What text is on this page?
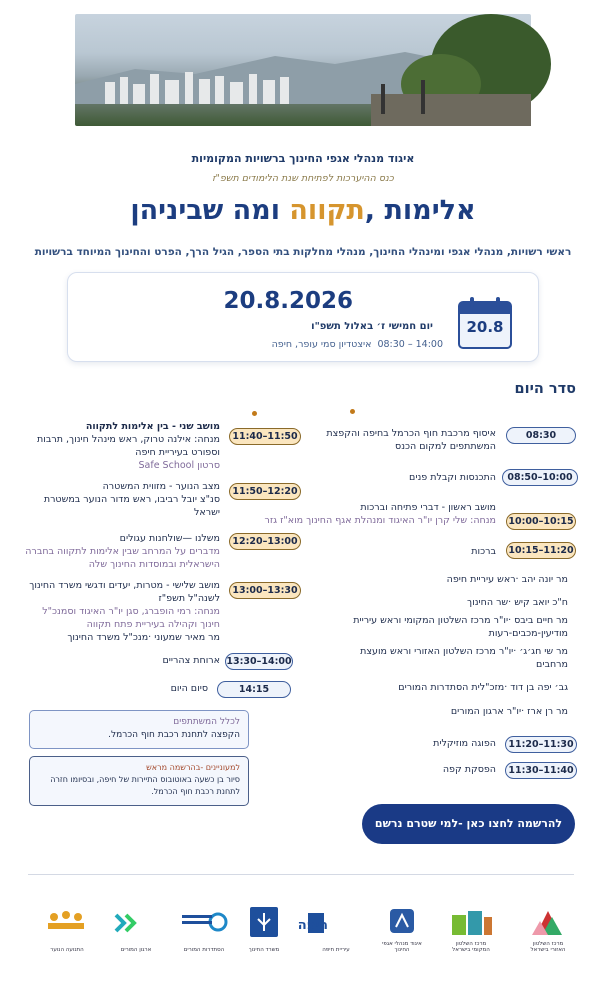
איגוד מנהלי אגפי החינוך ברשויות המקומיות
כנס ההיערכות לפתיחת שנת הלימודים תשפ"ז
אלימות ,תקווה ומה שביניהן
ראשי רשויות, מנהלי אגפי ומינהלי החינוך, מנהלי מחלקות בתי הספר, הגיל הרך, הפרט והחינוך המיוחד ברשויות
20.8
20.8.2026
יום חמישי ז׳ באלול תשפ"ו
08:30 – 14:00איצטדיון סמי עופר, חיפה
סדר היום
08:30
איסוף מרכבת חוף הכרמל בחיפה והקפצת המשתתפים למקום הכנס
08:50–10:00
התכנסות וקבלת פנים
מושב ראשון - דברי פתיחה וברכות
10:00–10:15
מנחה: שלי קרן יו"ר האיגוד ומנהלת אגף החינוך מוא"ז גזר
10:15–11:20
ברכות
מר יונה יהב ·ראש עיריית חיפה
ח"כ יואב קיש ·שר החינוך
מר חיים ביבס ·יו"ר מרכז השלטון המקומי וראש עיריית מודיעין-מכבים-רעות
מר שי חג׳ג׳ ·יו"ר מרכז השלטון האזורי וראש מועצת מרחבים
גב׳ יפה בן דוד ·מזכ"לית הסתדרות המורים
מר רן ארז ·יו"ר ארגון המורים
11:20–11:30
הפוגה מוזיקלית
11:30–11:40
הפסקת קפה
11:40–11:50
מושב שני - בין אלימות לתקווה
מנחה: אילנה טרוק, ראש מינהל חינוך, תרבות וספורט בעיריית חיפה
סרטון Safe School
11:50–12:20
מצב הנוער - מזווית המשטרה
סנ"צ יובל רביבו, ראש מדור הנוער במשטרת ישראל
12:20–13:00
משלנו —שולחנות עגולים
מדברים על המרחב שבין אלימות לתקווה בחברה הישראלית ובמוסדות החינוך שלה
13:00–13:30
מושב שלישי - מטרות, יעדים ודגשי משרד החינוך לשנה"ל תשפ"ז
מנחה: רמי הופברג, סגן יו"ר האיגוד וסמנכ"ל חינוך וקהילה בעיריית פתח תקווה
מר מאיר שמעוני ·מנכ"ל משרד החינוך
13:30–14:00
ארוחת צהריים
14:15
סיום היום
לכלל המשתתפים
הקפצה לתחנת רכבת חוף הכרמל.
למעוניינים -בהרשמה מראש
סיור בן כשעה באוטובוס התיירות של חיפה, ובסיומו חזרה לתחנת רכבת חוף הכרמל.
להרשמה לחצו כאן -למי שטרם נרשם
מרכז השלטון האזורי בישראל
מרכז השלטון המקומי בישראל
איגוד מנהלי אגפי החינוך
חיפה
עיריית חיפה
משרד החינוך
הסתדרות המורים
ארגון המורים
התנועה הנוער
